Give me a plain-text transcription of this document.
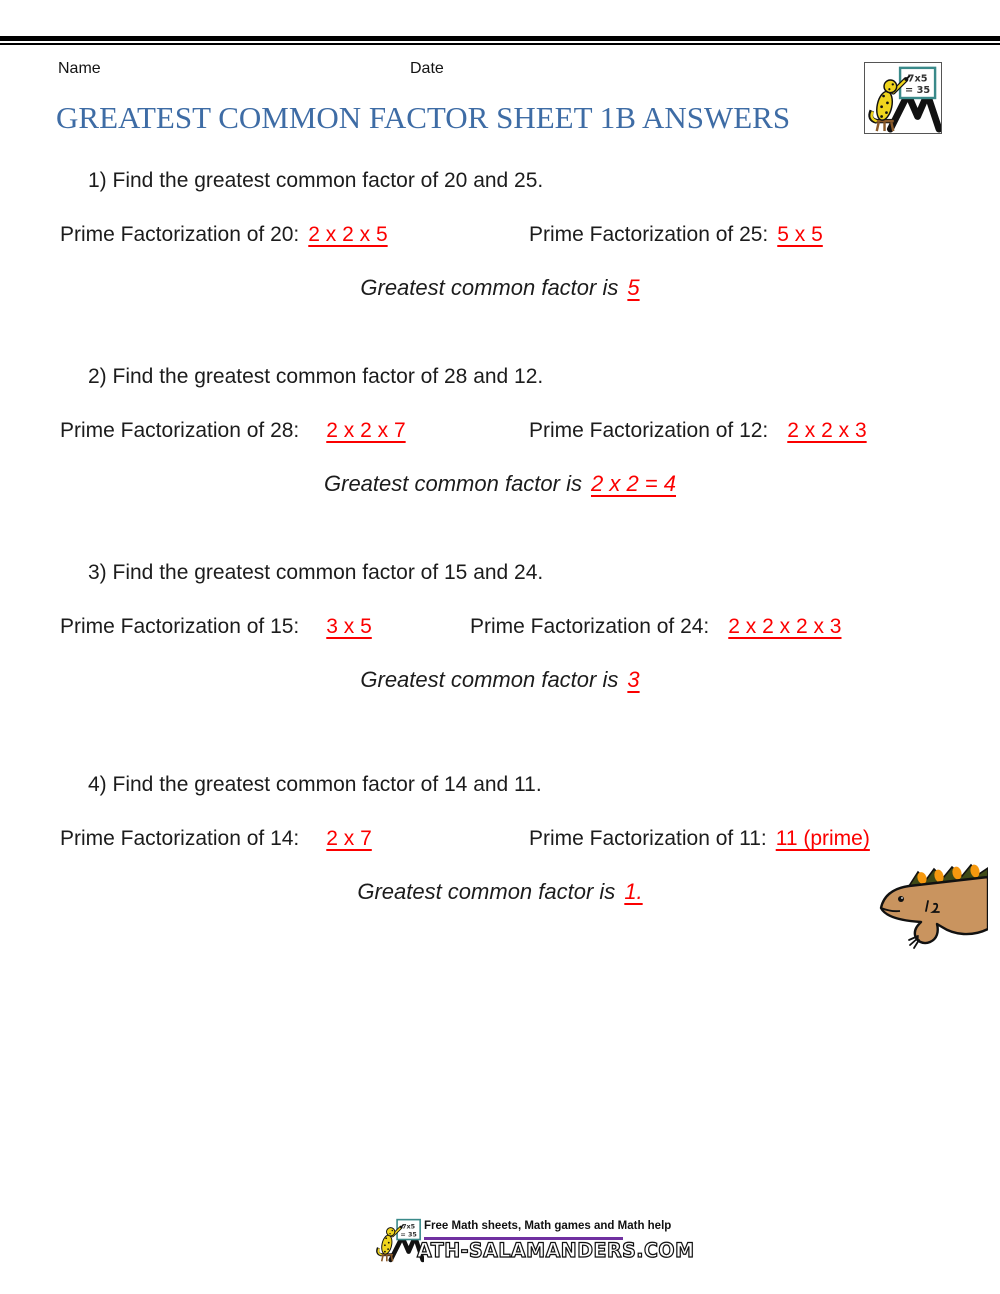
Name	Date
GREATEST COMMON FACTOR SHEET 1B ANSWERS
1) Find the greatest common factor of 20 and 25.
Prime Factorization of 20: 2 x 2 x 5	Prime Factorization of 25: 5 x 5
Greatest common factor is 5
2) Find the greatest common factor of 28 and 12.
Prime Factorization of 28: 2 x 2 x 7	Prime Factorization of 12: 2 x 2 x 3
Greatest common factor is 2 x 2 = 4
3) Find the greatest common factor of 15 and 24.
Prime Factorization of 15: 3 x 5	Prime Factorization of 24: 2 x 2 x 2 x 3
Greatest common factor is 3
4) Find the greatest common factor of 14 and 11.
Prime Factorization of 14: 2 x 7	Prime Factorization of 11: 11 (prime)
Greatest common factor is 1.
Free Math sheets, Math games and Math help
ATH-SALAMANDERS.COM
